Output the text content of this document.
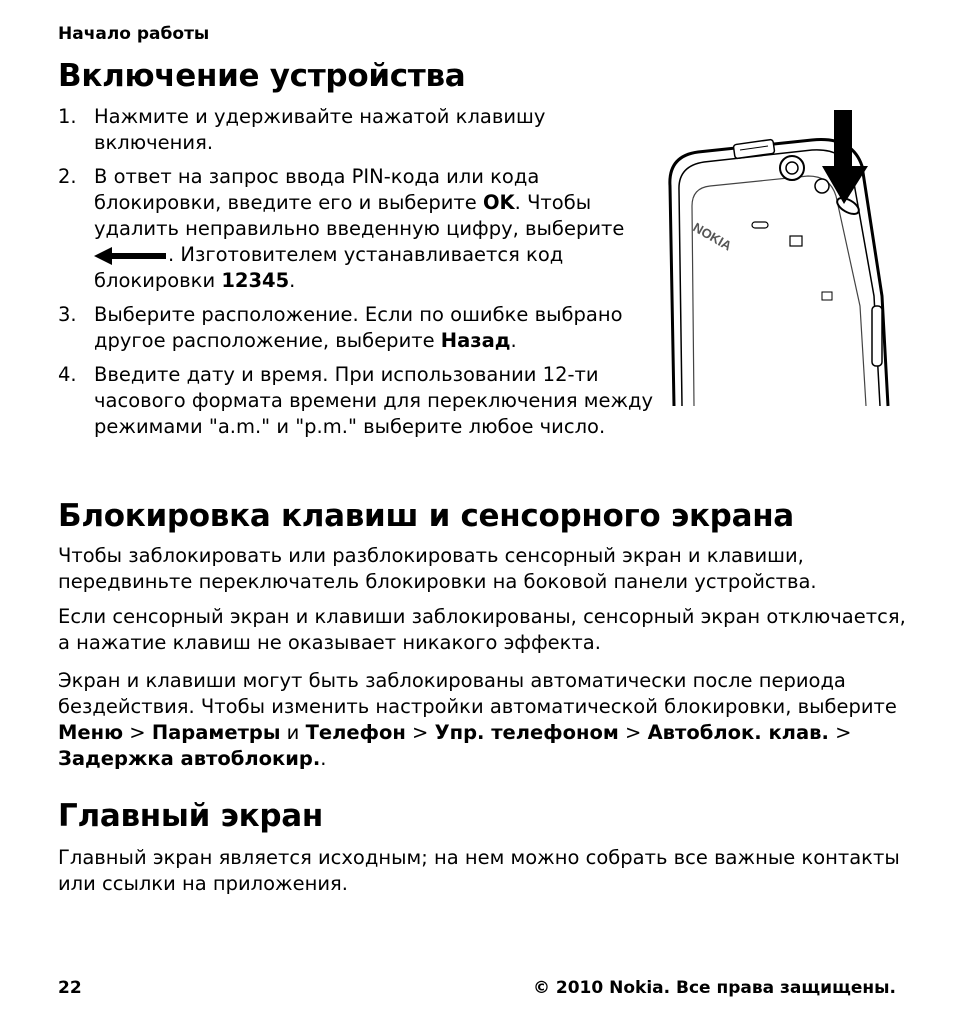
Начало работы
Включение устройства
1. Нажмите и удерживайте нажатой клавишу включения.
2. В ответ на запрос ввода PIN-кода или кода блокировки, введите его и выберите OK. Чтобы удалить неправильно введенную цифру, выберите . Изготовителем устанавливается код блокировки 12345.
3. Выберите расположение. Если по ошибке выбрано другое расположение, выберите Назад.
4. Введите дату и время. При использовании 12-ти часового формата времени для переключения между режимами "a.m." и "p.m." выберите любое число.
NOKIA
Блокировка клавиш и сенсорного экрана

Чтобы заблокировать или разблокировать сенсорный экран и клавиши, передвиньте переключатель блокировки на боковой панели устройства.

Если сенсорный экран и клавиши заблокированы, сенсорный экран отключается, а нажатие клавиш не оказывает никакого эффекта.

Экран и клавиши могут быть заблокированы автоматически после периода бездействия. Чтобы изменить настройки автоматической блокировки, выберите Меню > Параметры и Телефон > Упр. телефоном > Автоблок. клав. > Задержка автоблокир..

Главный экран

Главный экран является исходным; на нем можно собрать все важные контакты или ссылки на приложения.

22	© 2010 Nokia. Все права защищены.
